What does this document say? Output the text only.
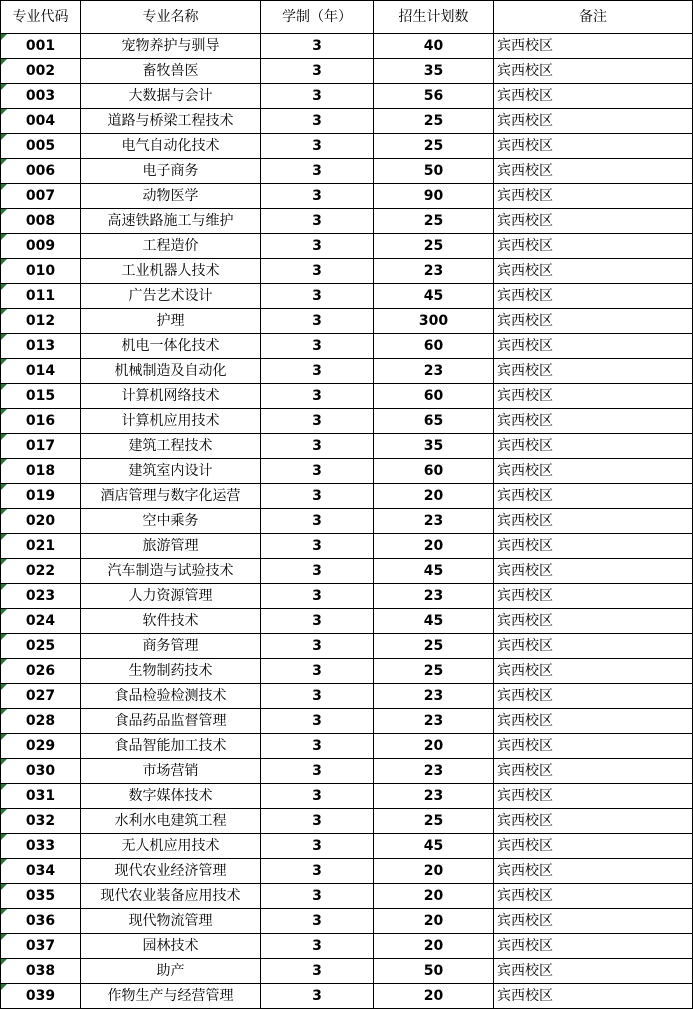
专业代码	专业名称	学制（年）	招生计划数	备注
001	宠物养护与驯导	3	40	宾西校区
002	畜牧兽医	3	35	宾西校区
003	大数据与会计	3	56	宾西校区
004	道路与桥梁工程技术	3	25	宾西校区
005	电气自动化技术	3	25	宾西校区
006	电子商务	3	50	宾西校区
007	动物医学	3	90	宾西校区
008	高速铁路施工与维护	3	25	宾西校区
009	工程造价	3	25	宾西校区
010	工业机器人技术	3	23	宾西校区
011	广告艺术设计	3	45	宾西校区
012	护理	3	300	宾西校区
013	机电一体化技术	3	60	宾西校区
014	机械制造及自动化	3	23	宾西校区
015	计算机网络技术	3	60	宾西校区
016	计算机应用技术	3	65	宾西校区
017	建筑工程技术	3	35	宾西校区
018	建筑室内设计	3	60	宾西校区
019	酒店管理与数字化运营	3	20	宾西校区
020	空中乘务	3	23	宾西校区
021	旅游管理	3	20	宾西校区
022	汽车制造与试验技术	3	45	宾西校区
023	人力资源管理	3	23	宾西校区
024	软件技术	3	45	宾西校区
025	商务管理	3	25	宾西校区
026	生物制药技术	3	25	宾西校区
027	食品检验检测技术	3	23	宾西校区
028	食品药品监督管理	3	23	宾西校区
029	食品智能加工技术	3	20	宾西校区
030	市场营销	3	23	宾西校区
031	数字媒体技术	3	23	宾西校区
032	水利水电建筑工程	3	25	宾西校区
033	无人机应用技术	3	45	宾西校区
034	现代农业经济管理	3	20	宾西校区
035	现代农业装备应用技术	3	20	宾西校区
036	现代物流管理	3	20	宾西校区
037	园林技术	3	20	宾西校区
038	助产	3	50	宾西校区
039	作物生产与经营管理	3	20	宾西校区
